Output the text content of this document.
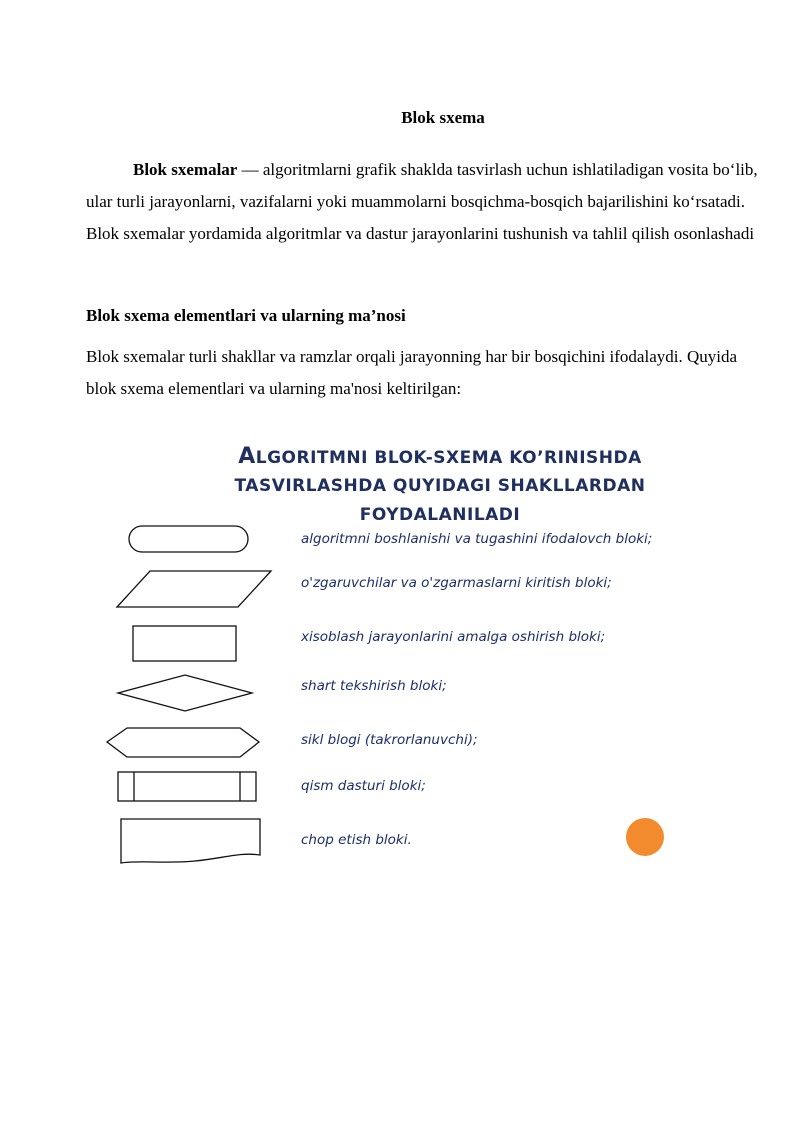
Blok sxema

Blok sxemalar — algoritmlarni grafik shaklda tasvirlash uchun ishlatiladigan vosita bo‘lib, ular turli jarayonlarni, vazifalarni yoki muammolarni bosqichma-bosqich bajarilishini ko‘rsatadi. Blok sxemalar yordamida algoritmlar va dastur jarayonlarini tushunish va tahlil qilish osonlashadi

Blok sxema elementlari va ularning ma’nosi

Blok sxemalar turli shakllar va ramzlar orqali jarayonning har bir bosqichini ifodalaydi. Quyida blok sxema elementlari va ularning ma'nosi keltirilgan:

ALGORITMNI BLOK-SXEMA KO’RINISHDA

TASVIRLASHDA QUYIDAGI SHAKLLARDAN

FOYDALANILADI

algoritmni boshlanishi va tugashini ifodalovch bloki;

o'zgaruvchilar va o'zgarmaslarni kiritish bloki;

xisoblash jarayonlarini amalga oshirish bloki;

shart tekshirish bloki;

sikl blogi (takrorlanuvchi);

qism dasturi bloki;

chop etish bloki.
